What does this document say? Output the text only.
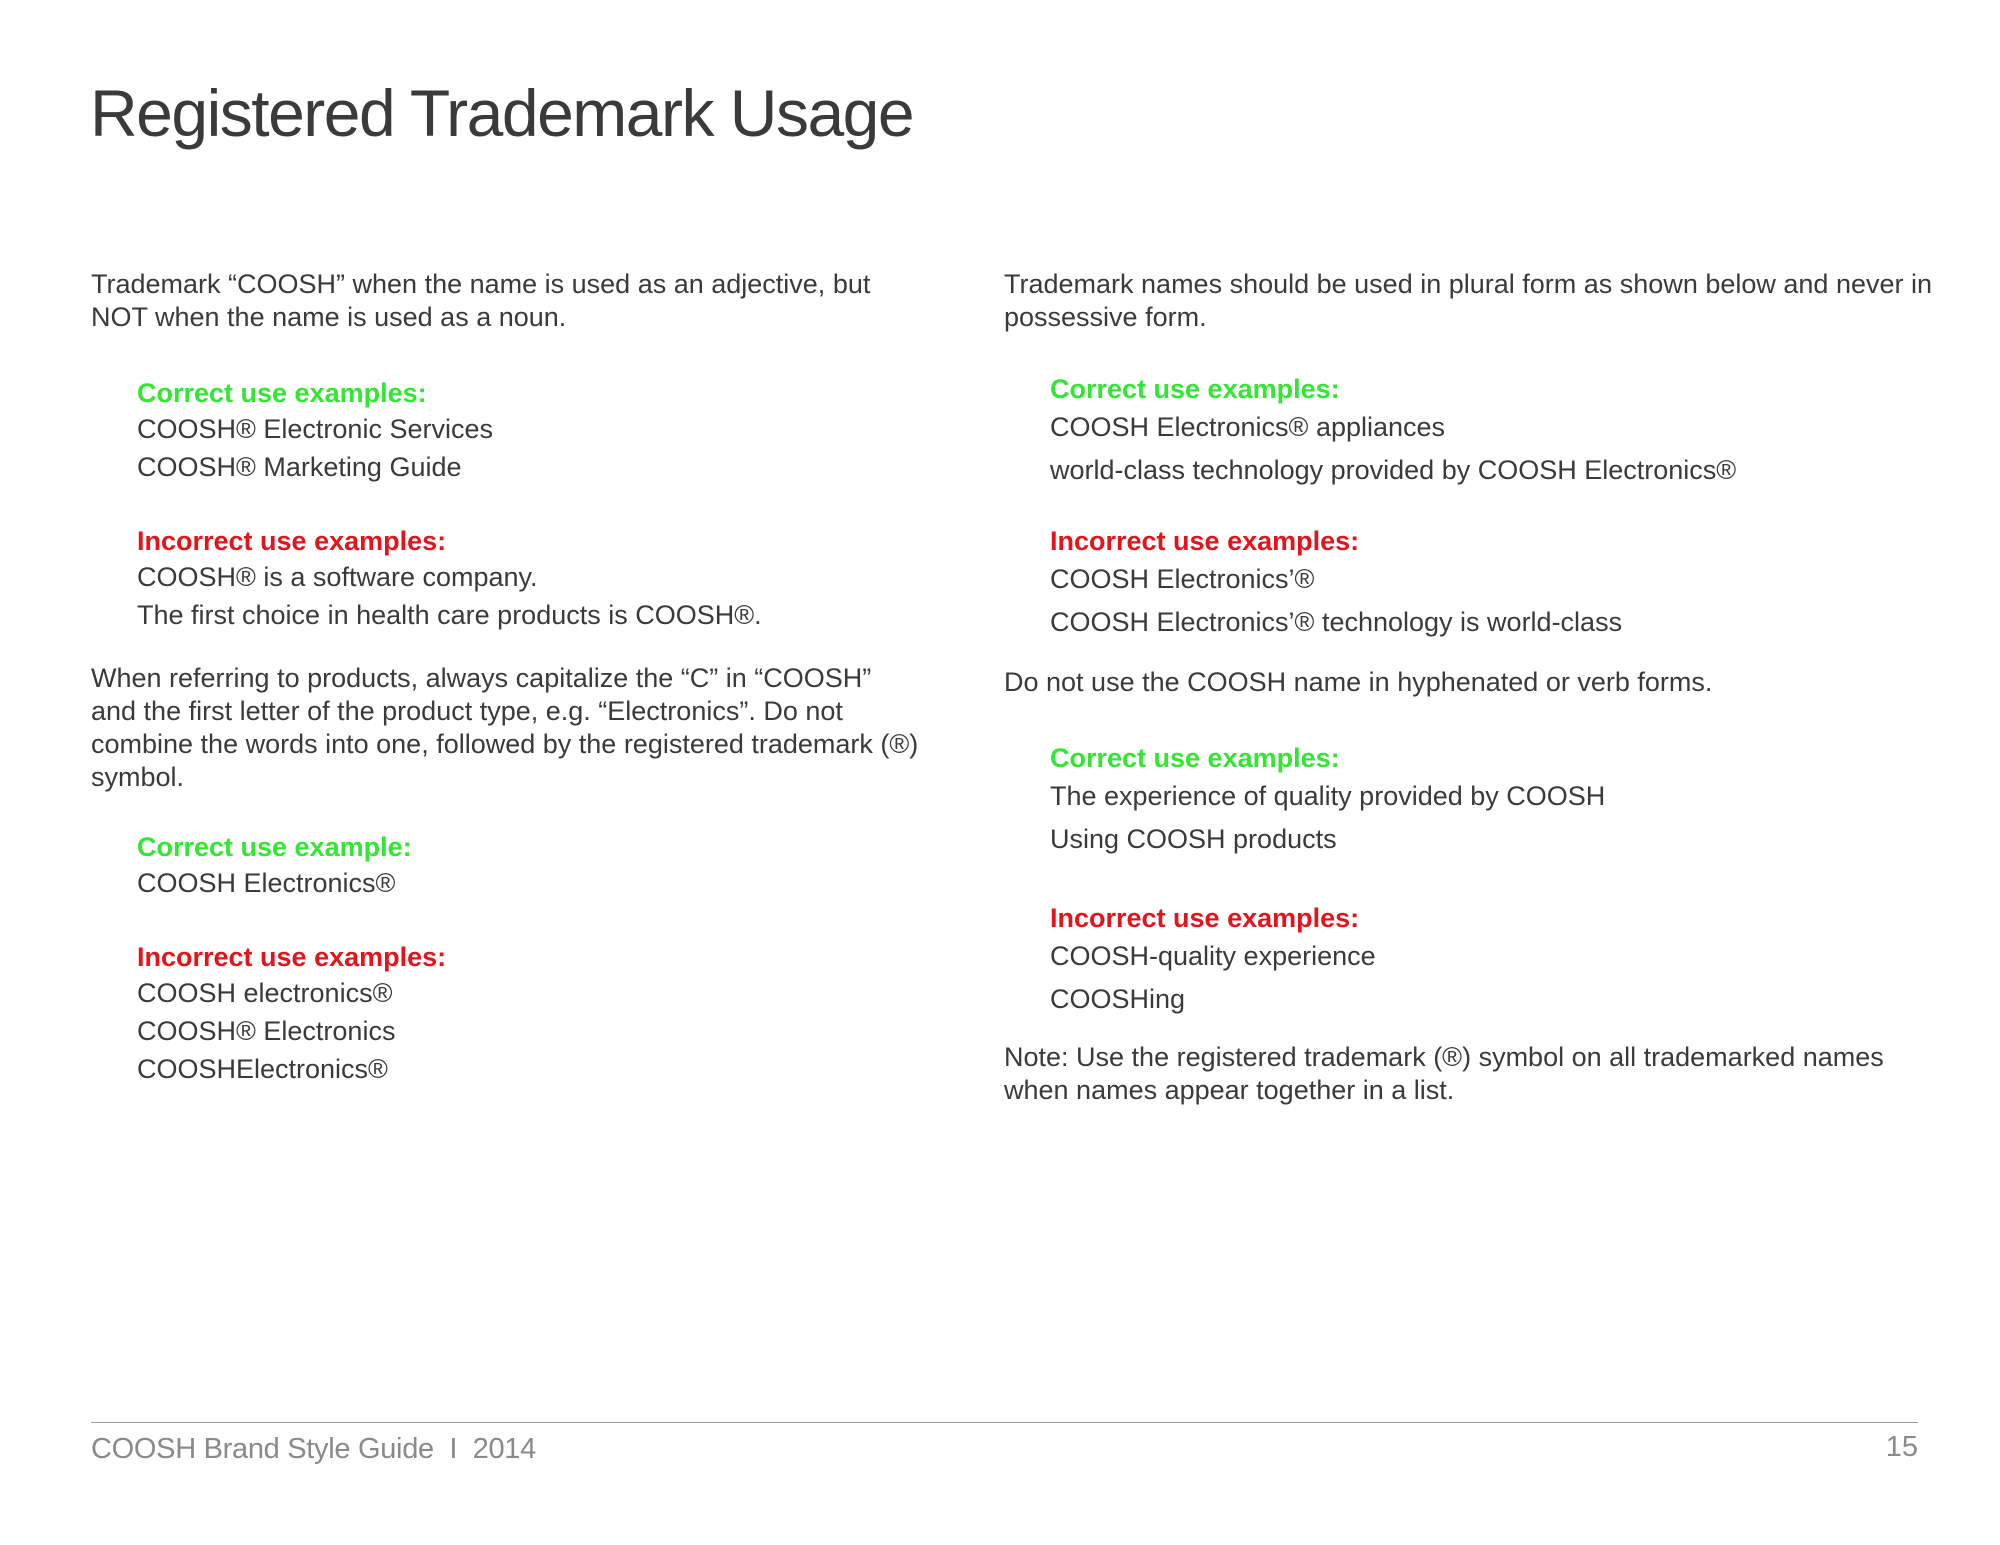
Registered Trademark Usage

Trademark “COOSH” when the name is used as an adjective, but NOT when the name is used as a noun.

Correct use examples:

COOSH® Electronic Services
COOSH® Marketing Guide

Incorrect use examples:

COOSH® is a software company.
The first choice in health care products is COOSH®.

When referring to products, always capitalize the “C” in “COOSH” and the first letter of the product type, e.g. “Electronics”. Do not combine the words into one, followed by the registered trademark (®) symbol.

Correct use example:

COOSH Electronics®

Incorrect use examples:

COOSH electronics®
COOSH® Electronics
COOSHElectronics®

Trademark names should be used in plural form as shown below and never in possessive form.

Correct use examples:

COOSH Electronics® appliances
world-class technology provided by COOSH Electronics®

Incorrect use examples:

COOSH Electronics’®
COOSH Electronics’® technology is world-class

Do not use the COOSH name in hyphenated or verb forms.

Correct use examples:

The experience of quality provided by COOSH
Using COOSH products

Incorrect use examples:

COOSH-quality experience
COOSHing

Note: Use the registered trademark (®) symbol on all trademarked names when names appear together in a list.

COOSH Brand Style Guide  I  2014	15
